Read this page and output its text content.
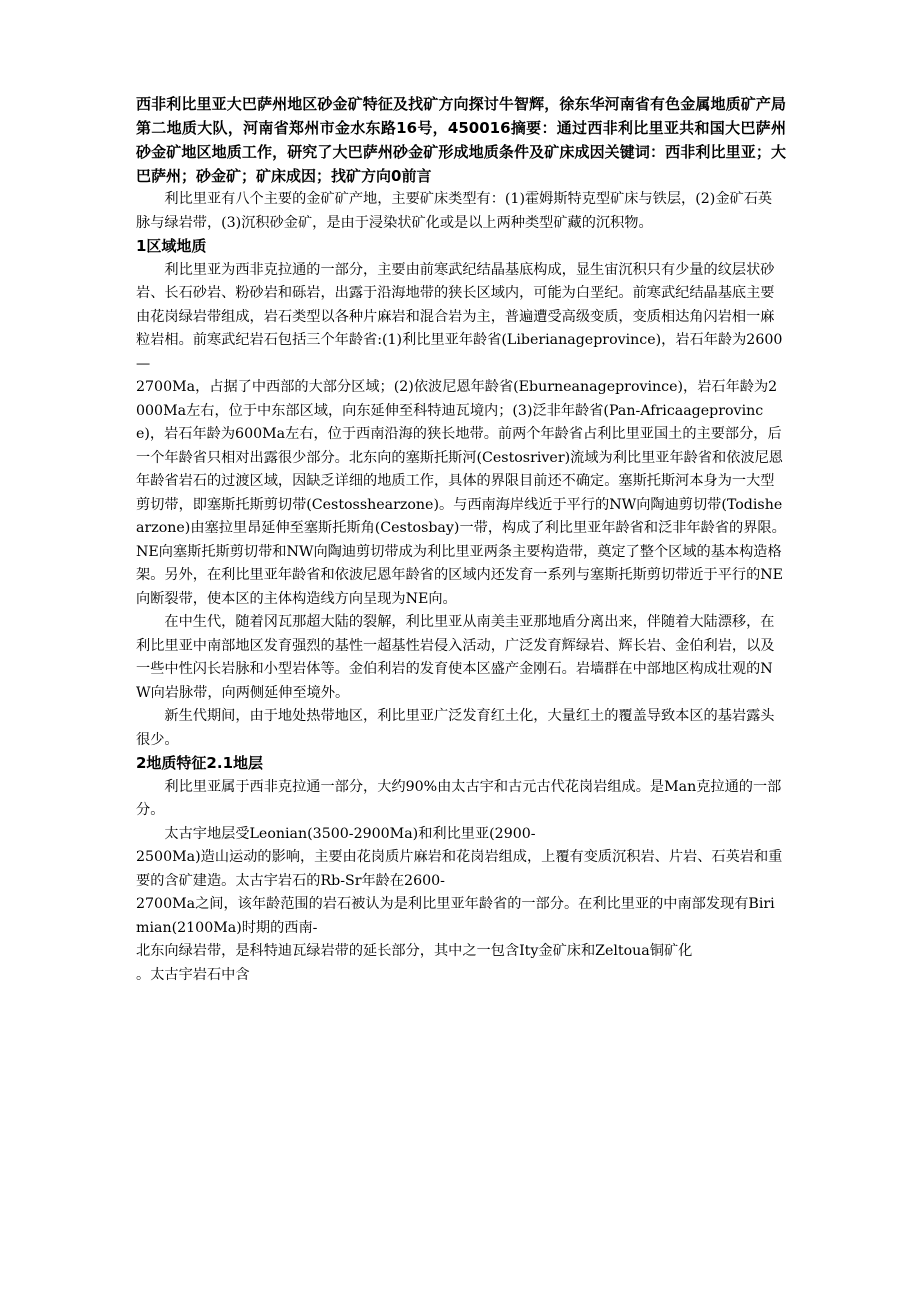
西非利比里亚大巴萨州地区砂金矿特征及找矿方向探讨牛智辉，徐东华河南省有色金属地质矿产局第二地质大队，河南省郑州市金水东路16号，450016摘要：通过西非利比里亚共和国大巴萨州砂金矿地区地质工作，研究了大巴萨州砂金矿形成地质条件及矿床成因关键词：西非利比里亚；大巴萨州；砂金矿；矿床成因；找矿方向0前言

利比里亚有八个主要的金矿矿产地，主要矿床类型有：(1)霍姆斯特克型矿床与铁层，(2)金矿石英脉与绿岩带，(3)沉积砂金矿，是由于浸染状矿化或是以上两种类型矿藏的沉积物。

1区域地质

利比里亚为西非克拉通的一部分，主要由前寒武纪结晶基底构成，显生宙沉积只有少量的纹层状砂岩、长石砂岩、粉砂岩和砾岩，出露于沿海地带的狭长区域内，可能为白垩纪。前寒武纪结晶基底主要由花岗绿岩带组成，岩石类型以各种片麻岩和混合岩为主，普遍遭受高级变质，变质相达角闪岩相一麻粒岩相。前寒武纪岩石包括三个年龄省:(1)利比里亚年龄省(Liberianageprovince)，岩石年龄为2600—

2700Ma，占据了中西部的大部分区域；(2)依波尼恩年龄省(Eburneanageprovince)，岩石年龄为2000Ma左右，位于中东部区域，向东延伸至科特迪瓦境内；(3)泛非年龄省(Pan-Africaageprovince)，岩石年龄为600Ma左右，位于西南沿海的狭长地带。前两个年龄省占利比里亚国土的主要部分，后一个年龄省只相对出露很少部分。北东向的塞斯托斯河(Cestosriver)流域为利比里亚年龄省和依波尼恩年龄省岩石的过渡区域，因缺乏详细的地质工作，具体的界限目前还不确定。塞斯托斯河本身为一大型剪切带，即塞斯托斯剪切带(Cestosshearzone)。与西南海岸线近于平行的NW向陶迪剪切带(Todishearzone)由塞拉里昂延伸至塞斯托斯角(Cestosbay)一带，构成了利比里亚年龄省和泛非年龄省的界限。NE向塞斯托斯剪切带和NW向陶迪剪切带成为利比里亚两条主要构造带，奠定了整个区域的基本构造格架。另外，在利比里亚年龄省和依波尼恩年龄省的区域内还发育一系列与塞斯托斯剪切带近于平行的NE向断裂带，使本区的主体构造线方向呈现为NE向。

在中生代，随着冈瓦那超大陆的裂解，利比里亚从南美圭亚那地盾分离出来，伴随着大陆漂移，在利比里亚中南部地区发育强烈的基性一超基性岩侵入活动，广泛发育辉绿岩、辉长岩、金伯利岩，以及一些中性闪长岩脉和小型岩体等。金伯利岩的发育使本区盛产金刚石。岩墙群在中部地区构成壮观的NW向岩脉带，向两侧延伸至境外。

新生代期间，由于地处热带地区，利比里亚广泛发育红土化，大量红土的覆盖导致本区的基岩露头很少。

2地质特征2.1地层

利比里亚属于西非克拉通一部分，大约90%由太古宇和古元古代花岗岩组成。是Man克拉通的一部分。

太古宇地层受Leonian(3500-2900Ma)和利比里亚(2900-

2500Ma)造山运动的影响，主要由花岗质片麻岩和花岗岩组成，上覆有变质沉积岩、片岩、石英岩和重要的含矿建造。太古宇岩石的Rb-Sr年龄在2600-

2700Ma之间，该年龄范围的岩石被认为是利比里亚年龄省的一部分。在利比里亚的中南部发现有Birimian(2100Ma)时期的西南-

北东向绿岩带，是科特迪瓦绿岩带的延长部分，其中之一包含Ity金矿床和Zeltoua铜矿化

。太古宇岩石中含
